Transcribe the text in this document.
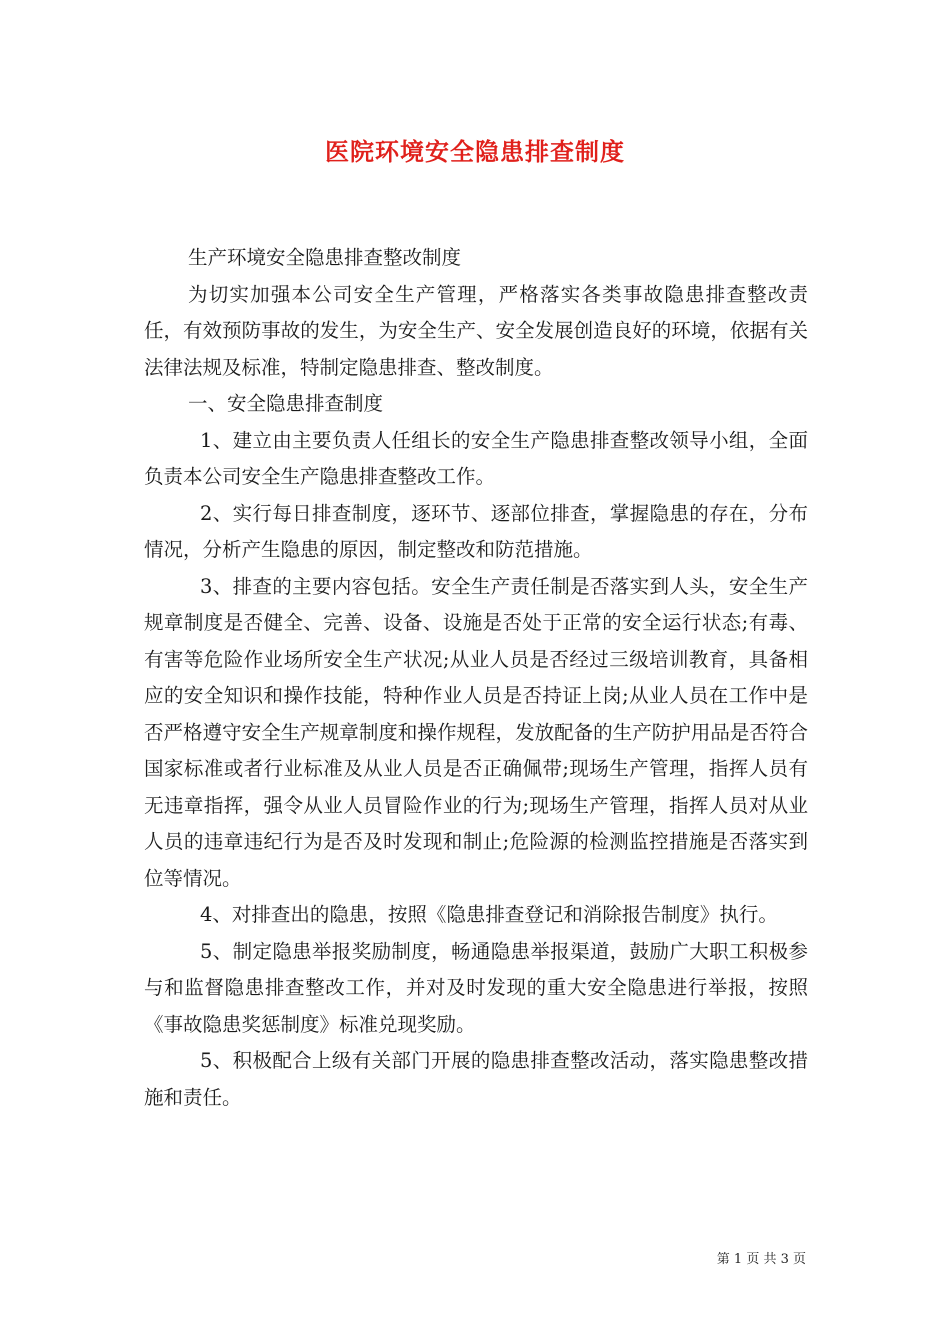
医院环境安全隐患排查制度

生产环境安全隐患排查整改制度

为切实加强本公司安全生产管理，严格落实各类事故隐患排查整改责任，有效预防事故的发生，为安全生产、安全发展创造良好的环境，依据有关法律法规及标准，特制定隐患排查、整改制度。

一、安全隐患排查制度

1、建立由主要负责人任组长的安全生产隐患排查整改领导小组，全面负责本公司安全生产隐患排查整改工作。

2、实行每日排查制度，逐环节、逐部位排查，掌握隐患的存在，分布情况，分析产生隐患的原因，制定整改和防范措施。

3、排查的主要内容包括。安全生产责任制是否落实到人头，安全生产规章制度是否健全、完善、设备、设施是否处于正常的安全运行状态;有毒、有害等危险作业场所安全生产状况;从业人员是否经过三级培训教育，具备相应的安全知识和操作技能，特种作业人员是否持证上岗;从业人员在工作中是否严格遵守安全生产规章制度和操作规程，发放配备的生产防护用品是否符合国家标准或者行业标准及从业人员是否正确佩带;现场生产管理，指挥人员有无违章指挥，强令从业人员冒险作业的行为;现场生产管理，指挥人员对从业人员的违章违纪行为是否及时发现和制止;危险源的检测监控措施是否落实到位等情况。

4、对排查出的隐患，按照《隐患排查登记和消除报告制度》执行。

5、制定隐患举报奖励制度，畅通隐患举报渠道，鼓励广大职工积极参与和监督隐患排查整改工作，并对及时发现的重大安全隐患进行举报，按照《事故隐患奖惩制度》标准兑现奖励。

5、积极配合上级有关部门开展的隐患排查整改活动，落实隐患整改措施和责任。

第 1 页 共 3 页
